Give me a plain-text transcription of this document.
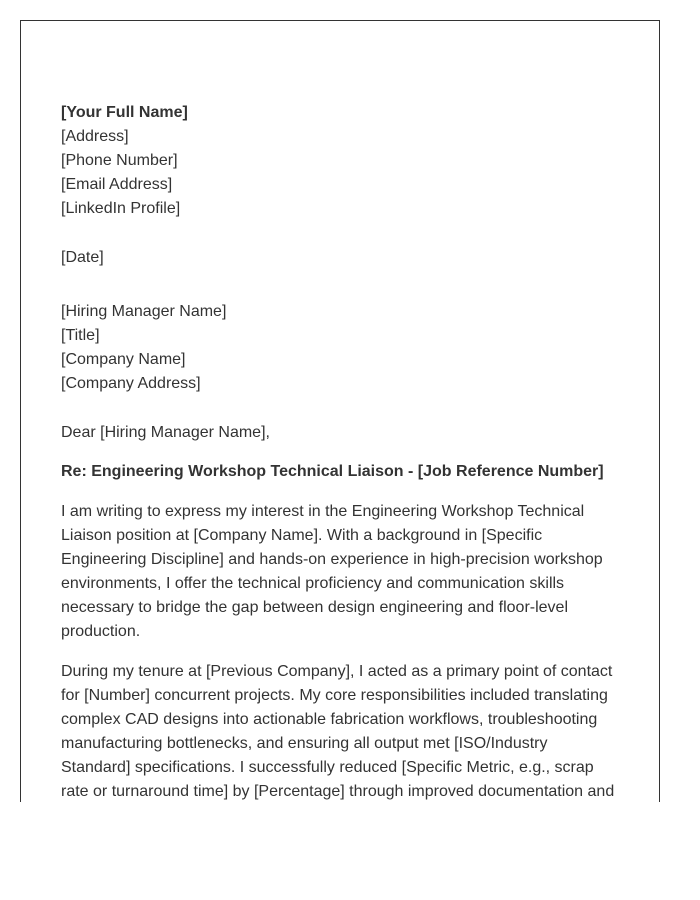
[Your Full Name]
[Address]
[Phone Number]
[Email Address]
[LinkedIn Profile]
[Date]
[Hiring Manager Name]
[Title]
[Company Name]
[Company Address]
Dear [Hiring Manager Name],
Re: Engineering Workshop Technical Liaison - [Job Reference Number]

I am writing to express my interest in the Engineering Workshop Technical Liaison position at [Company Name]. With a background in [Specific Engineering Discipline] and hands-on experience in high-precision workshop environments, I offer the technical proficiency and communication skills necessary to bridge the gap between design engineering and floor-level production.

During my tenure at [Previous Company], I acted as a primary point of contact for [Number] concurrent projects. My core responsibilities included translating complex CAD designs into actionable fabrication workflows, troubleshooting manufacturing bottlenecks, and ensuring all output met [ISO/Industry Standard] specifications. I successfully reduced [Specific Metric, e.g., scrap rate or turnaround time] by [Percentage] through improved documentation and
